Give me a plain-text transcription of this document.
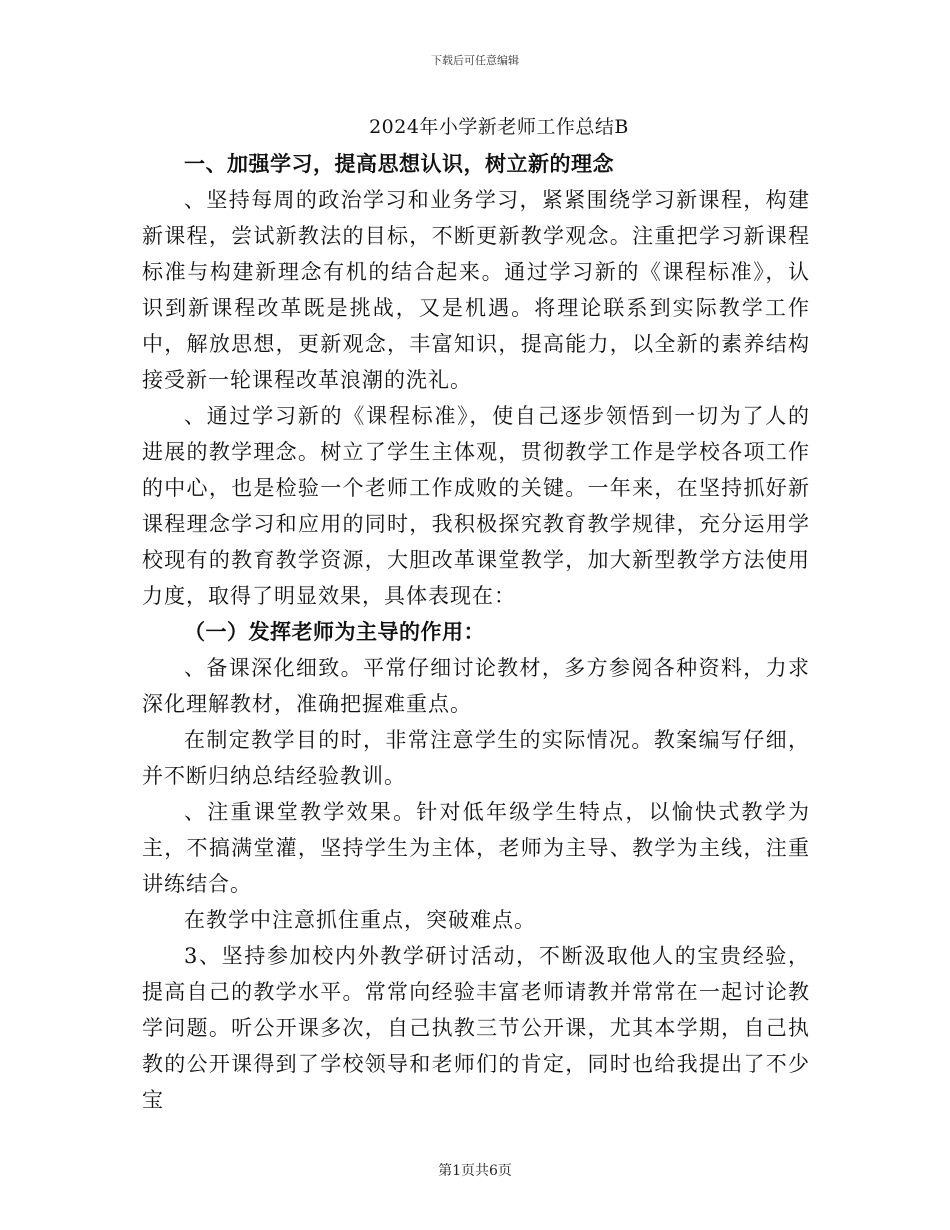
下载后可任意编辑
2024年小学新老师工作总结B

一、加强学习，提高思想认识，树立新的理念

、坚持每周的政治学习和业务学习，紧紧围绕学习新课程，构建新课程，尝试新教法的目标，不断更新教学观念。注重把学习新课程标准与构建新理念有机的结合起来。通过学习新的《课程标准》，认识到新课程改革既是挑战，又是机遇。将理论联系到实际教学工作中，解放思想，更新观念，丰富知识，提高能力，以全新的素养结构接受新一轮课程改革浪潮的洗礼。

、通过学习新的《课程标准》，使自己逐步领悟到一切为了人的进展的教学理念。树立了学生主体观，贯彻教学工作是学校各项工作的中心，也是检验一个老师工作成败的关键。一年来，在坚持抓好新课程理念学习和应用的同时，我积极探究教育教学规律，充分运用学校现有的教育教学资源，大胆改革课堂教学，加大新型教学方法使用力度，取得了明显效果，具体表现在：

（一）发挥老师为主导的作用：

、备课深化细致。平常仔细讨论教材，多方参阅各种资料，力求深化理解教材，准确把握难重点。

在制定教学目的时，非常注意学生的实际情况。教案编写仔细，并不断归纳总结经验教训。

、注重课堂教学效果。针对低年级学生特点，以愉快式教学为主，不搞满堂灌，坚持学生为主体，老师为主导、教学为主线，注重讲练结合。

在教学中注意抓住重点，突破难点。

3、坚持参加校内外教学研讨活动，不断汲取他人的宝贵经验，提高自己的教学水平。常常向经验丰富老师请教并常常在一起讨论教学问题。听公开课多次，自己执教三节公开课，尤其本学期，自己执教的公开课得到了学校领导和老师们的肯定，同时也给我提出了不少宝

第1页共6页
